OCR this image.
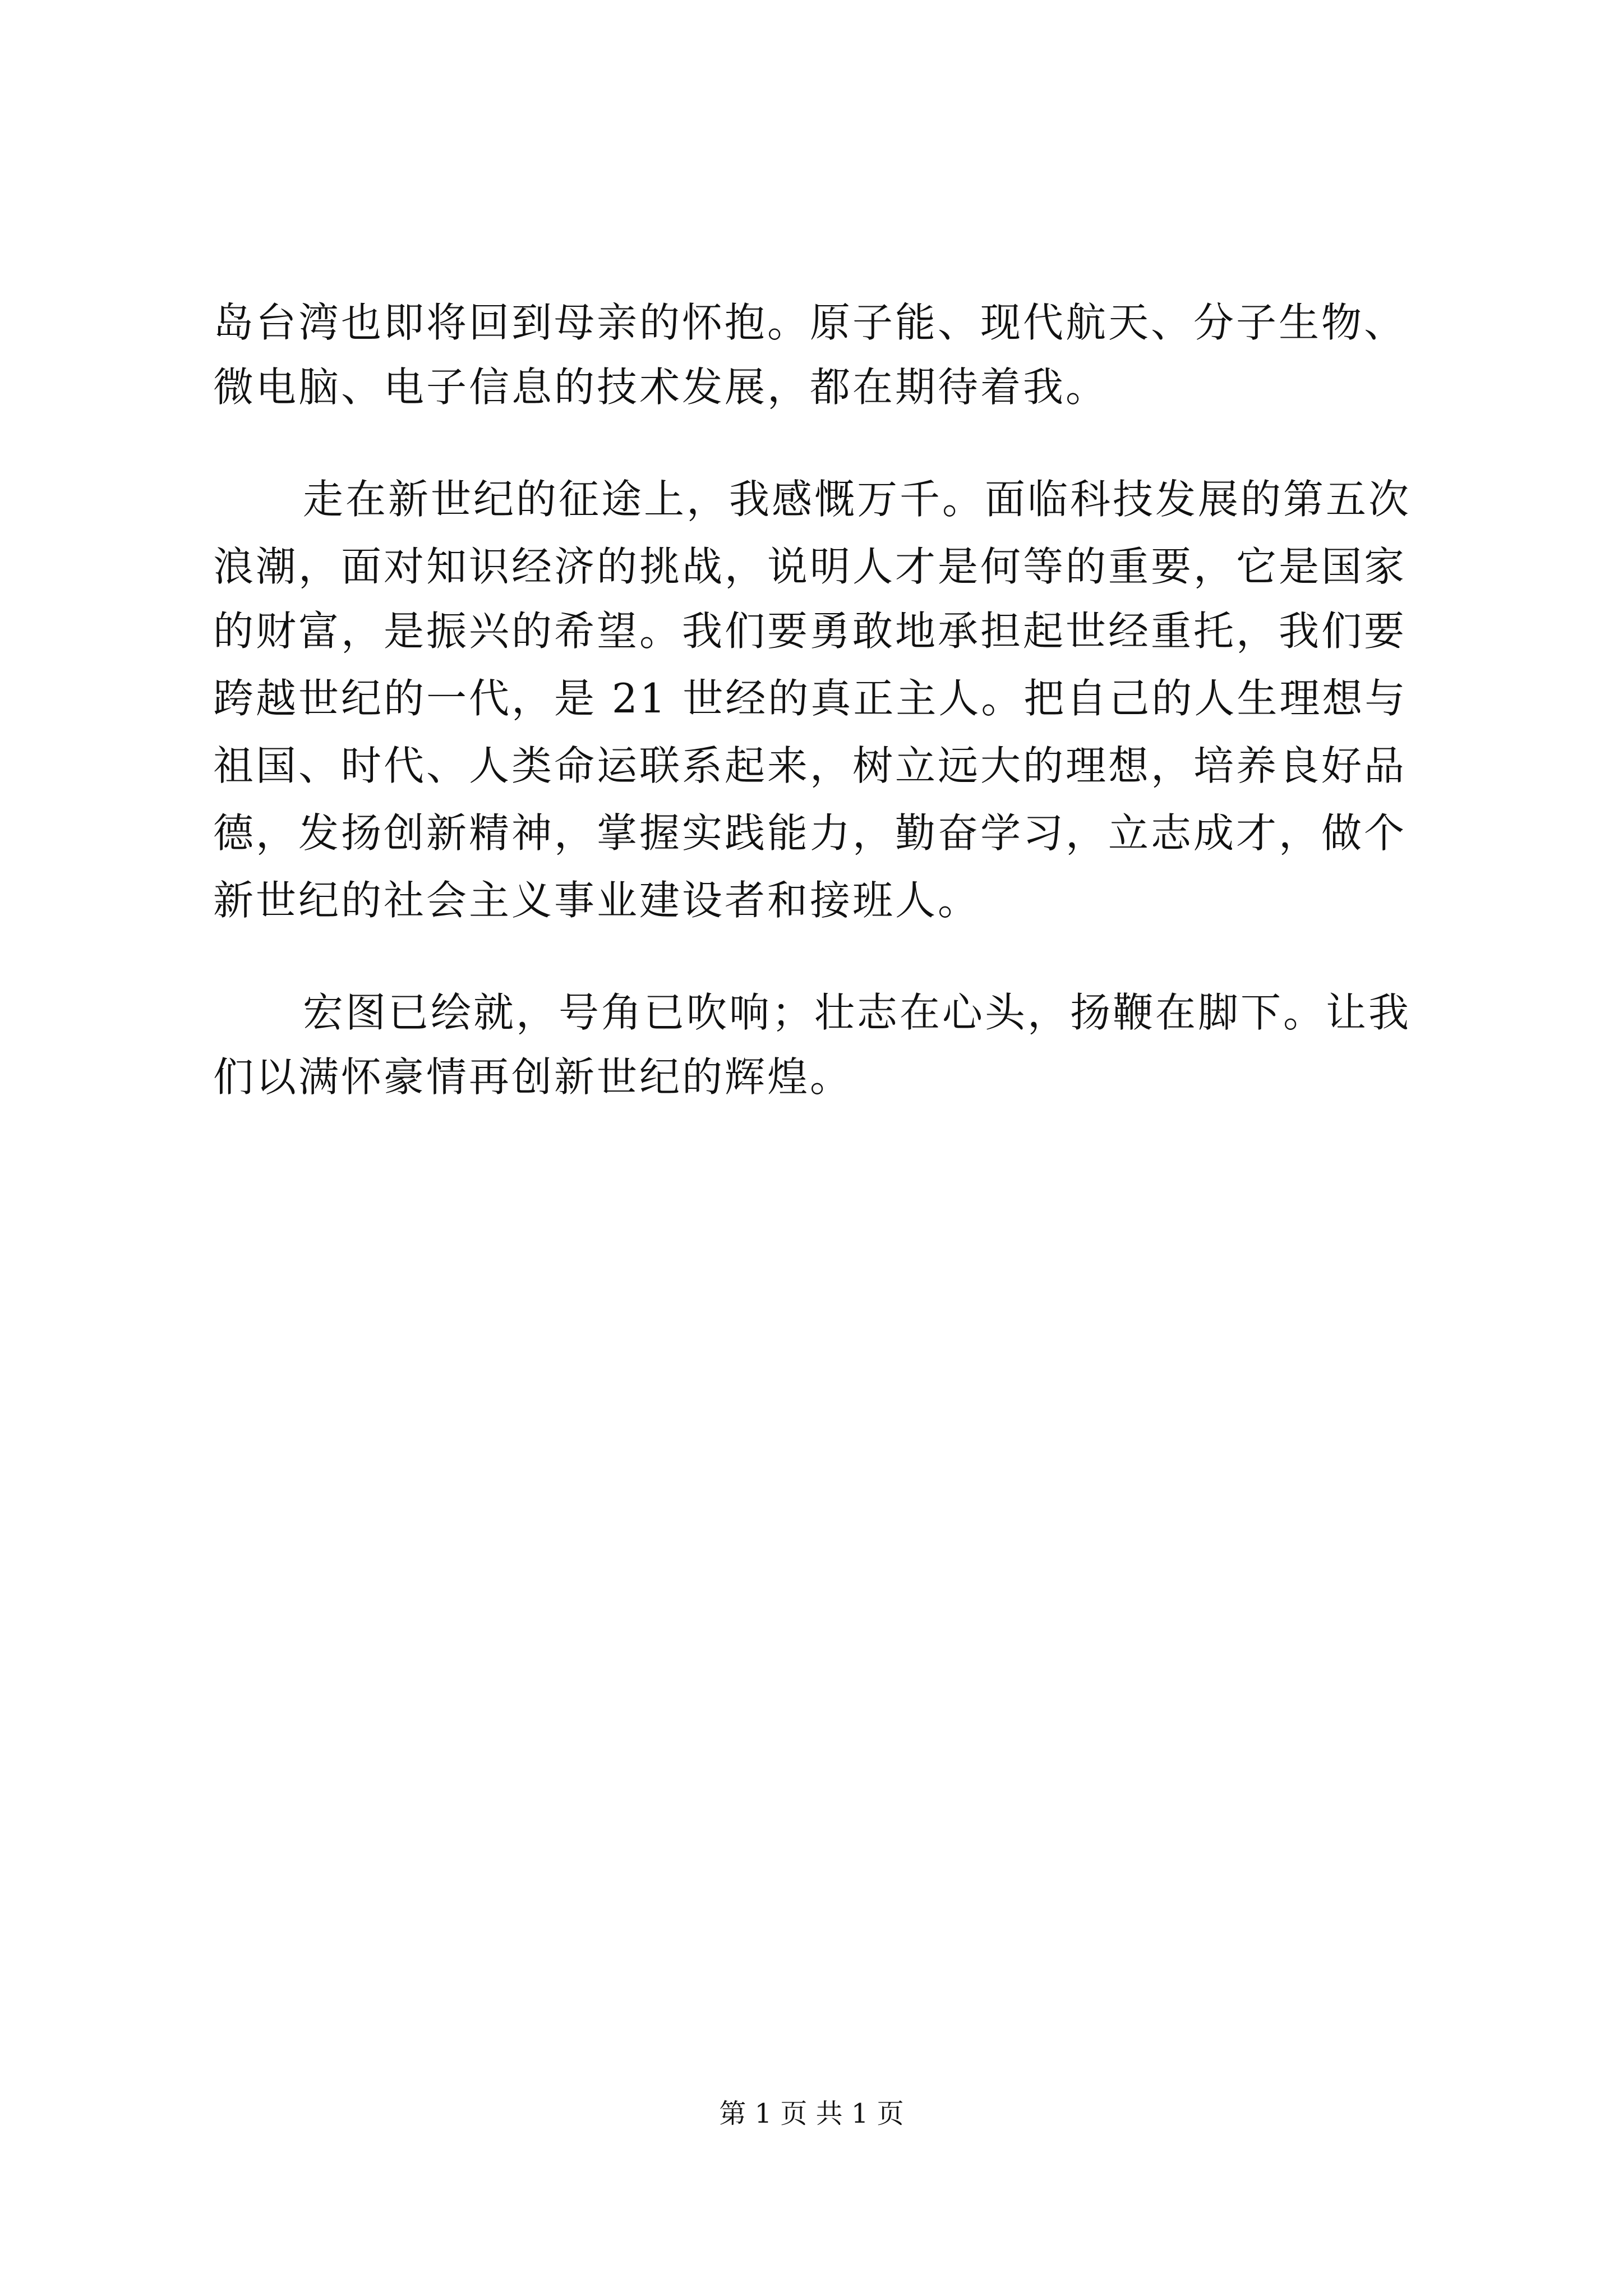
岛台湾也即将回到母亲的怀抱。原子能、现代航天、分子生物、
微电脑、电子信息的技术发展，都在期待着我。
走在新世纪的征途上，我感慨万千。面临科技发展的第五次
浪潮，面对知识经济的挑战，说明人才是何等的重要，它是国家
的财富，是振兴的希望。我们要勇敢地承担起世经重托，我们要
跨越世纪的一代，是 21 世经的真正主人。把自己的人生理想与
祖国、时代、人类命运联系起来，树立远大的理想，培养良好品
德，发扬创新精神，掌握实践能力，勤奋学习，立志成才，做个
新世纪的社会主义事业建设者和接班人。
宏图已绘就，号角已吹响；壮志在心头，扬鞭在脚下。让我
们以满怀豪情再创新世纪的辉煌。
第 1 页 共 1 页
